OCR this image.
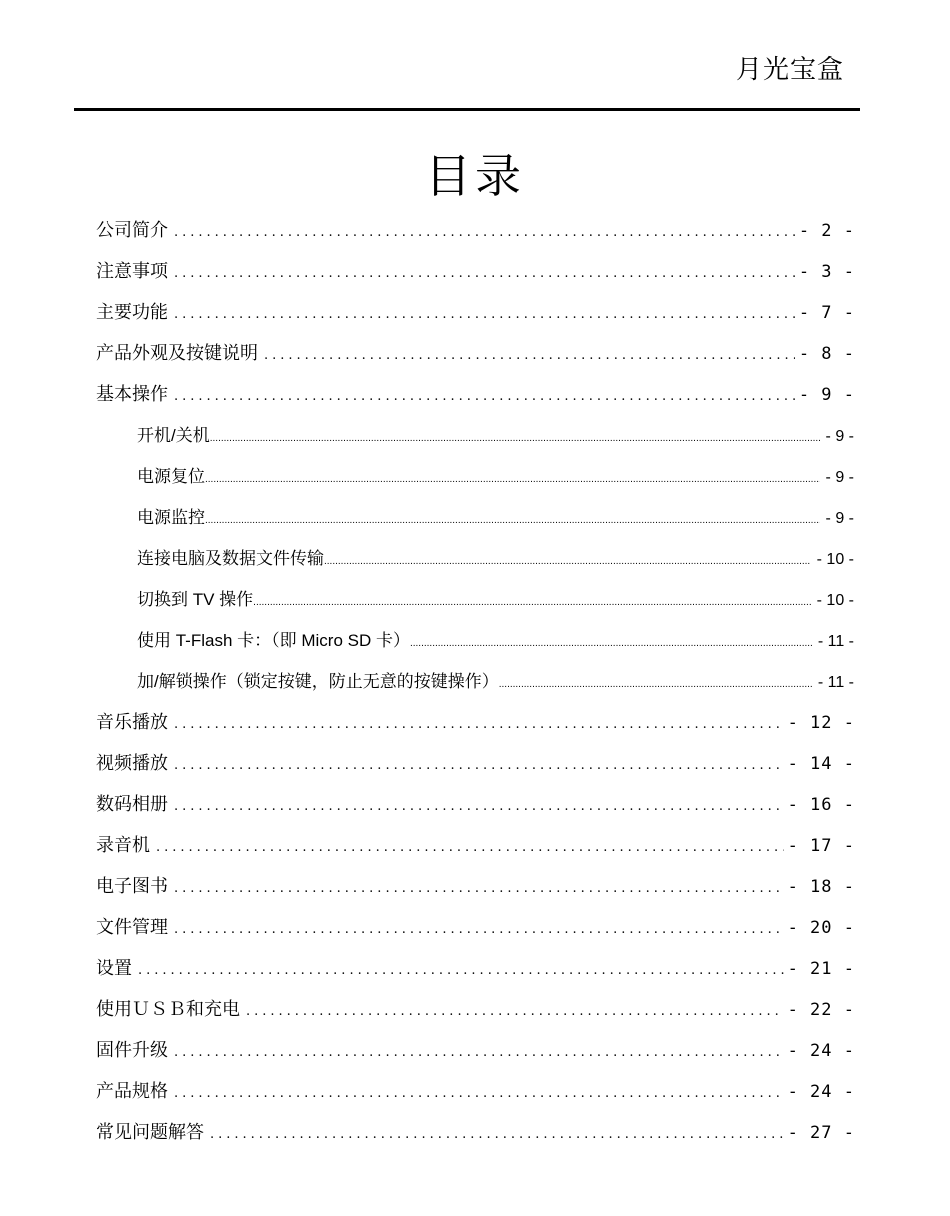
月光宝盒
目录
公司简介 .....	- 2 -
注意事项 .....	- 3 -
主要功能 .....	- 7 -
产品外观及按键说明 .....	- 8 -
基本操作 .....	- 9 -
开机/关机 .....	- 9 -
电源复位 .....	- 9 -
电源监控 .....	- 9 -
连接电脑及数据文件传输 .....	- 10 -
切换到 TV 操作 .....	- 10 -
使用 T-Flash 卡：（即 Micro SD 卡） .....	- 11 -
加/解锁操作（锁定按键，防止无意的按键操作） .....	- 11 -
音乐播放 .....	- 12 -
视频播放 .....	- 14 -
数码相册 .....	- 16 -
录音机 .....	- 17 -
电子图书 .....	- 18 -
文件管理 .....	- 20 -
设置 .....	- 21 -
使用ＵＳＢ和充电 .....	- 22 -
固件升级 .....	- 24 -
产品规格 .....	- 24 -
常见问题解答 .....	- 27 -
